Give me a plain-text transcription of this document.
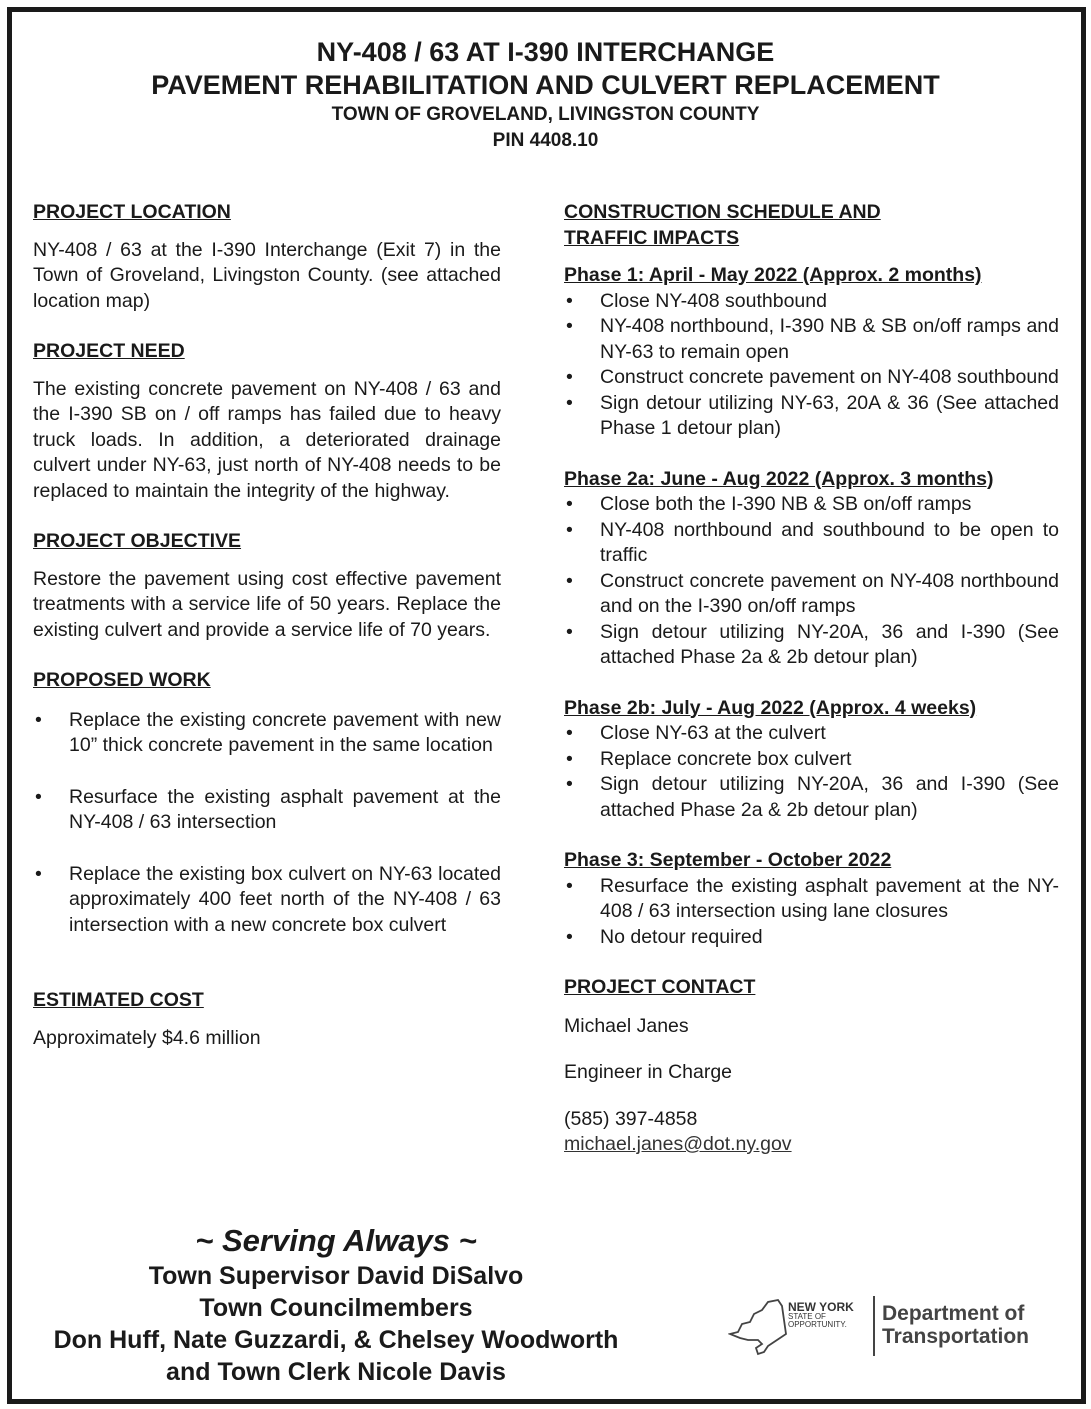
NY-408 / 63 AT I-390 INTERCHANGE
PAVEMENT REHABILITATION AND CULVERT REPLACEMENT
TOWN OF GROVELAND, LIVINGSTON COUNTY
PIN 4408.10
PROJECT LOCATION

NY-408 / 63 at the I-390 Interchange (Exit 7) in the Town of Groveland, Livingston County. (see attached location map)

PROJECT NEED

The existing concrete pavement on NY-408 / 63 and the I-390 SB on / off ramps has failed due to heavy truck loads. In addition, a deteriorated drainage culvert under NY-63, just north of NY-408 needs to be replaced to maintain the integrity of the highway.

PROJECT OBJECTIVE

Restore the pavement using cost effective pavement treatments with a service life of 50 years. Replace the existing culvert and provide a service life of 70 years.

PROPOSED WORK
• Replace the existing concrete pavement with new 10” thick concrete pavement in the same location
• Resurface the existing asphalt pavement at the NY-408 / 63 intersection
• Replace the existing box culvert on NY-63 located approximately 400 feet north of the NY-408 / 63 intersection with a new concrete box culvert
ESTIMATED COST

Approximately $4.6 million

CONSTRUCTION SCHEDULE AND
TRAFFIC IMPACTS
Phase 1: April - May 2022 (Approx. 2 months)
• Close NY-408 southbound
• NY-408 northbound, I-390 NB & SB on/off ramps and NY-63 to remain open
• Construct concrete pavement on NY-408 southbound
• Sign detour utilizing NY-63, 20A & 36 (See attached Phase 1 detour plan)
Phase 2a: June - Aug 2022 (Approx. 3 months)
• Close both the I-390 NB & SB on/off ramps
• NY-408 northbound and southbound to be open to traffic
• Construct concrete pavement on NY-408 northbound and on the I-390 on/off ramps
• Sign detour utilizing NY-20A, 36 and I-390 (See attached Phase 2a & 2b detour plan)
Phase 2b: July - Aug 2022 (Approx. 4 weeks)
• Close NY-63 at the culvert
• Replace concrete box culvert
• Sign detour utilizing NY-20A, 36 and I-390 (See attached Phase 2a & 2b detour plan)
Phase 3: September - October 2022
• Resurface the existing asphalt pavement at the NY-408 / 63 intersection using lane closures
• No detour required
PROJECT CONTACT
Michael Janes
Engineer in Charge
(585) 397-4858
michael.janes@dot.ny.gov
~ Serving Always ~
Town Supervisor David DiSalvo
Town Councilmembers
Don Huff, Nate Guzzardi, & Chelsey Woodworth
and Town Clerk Nicole Davis
NEW YORK
STATE OF
OPPORTUNITY.	Department of
Transportation
